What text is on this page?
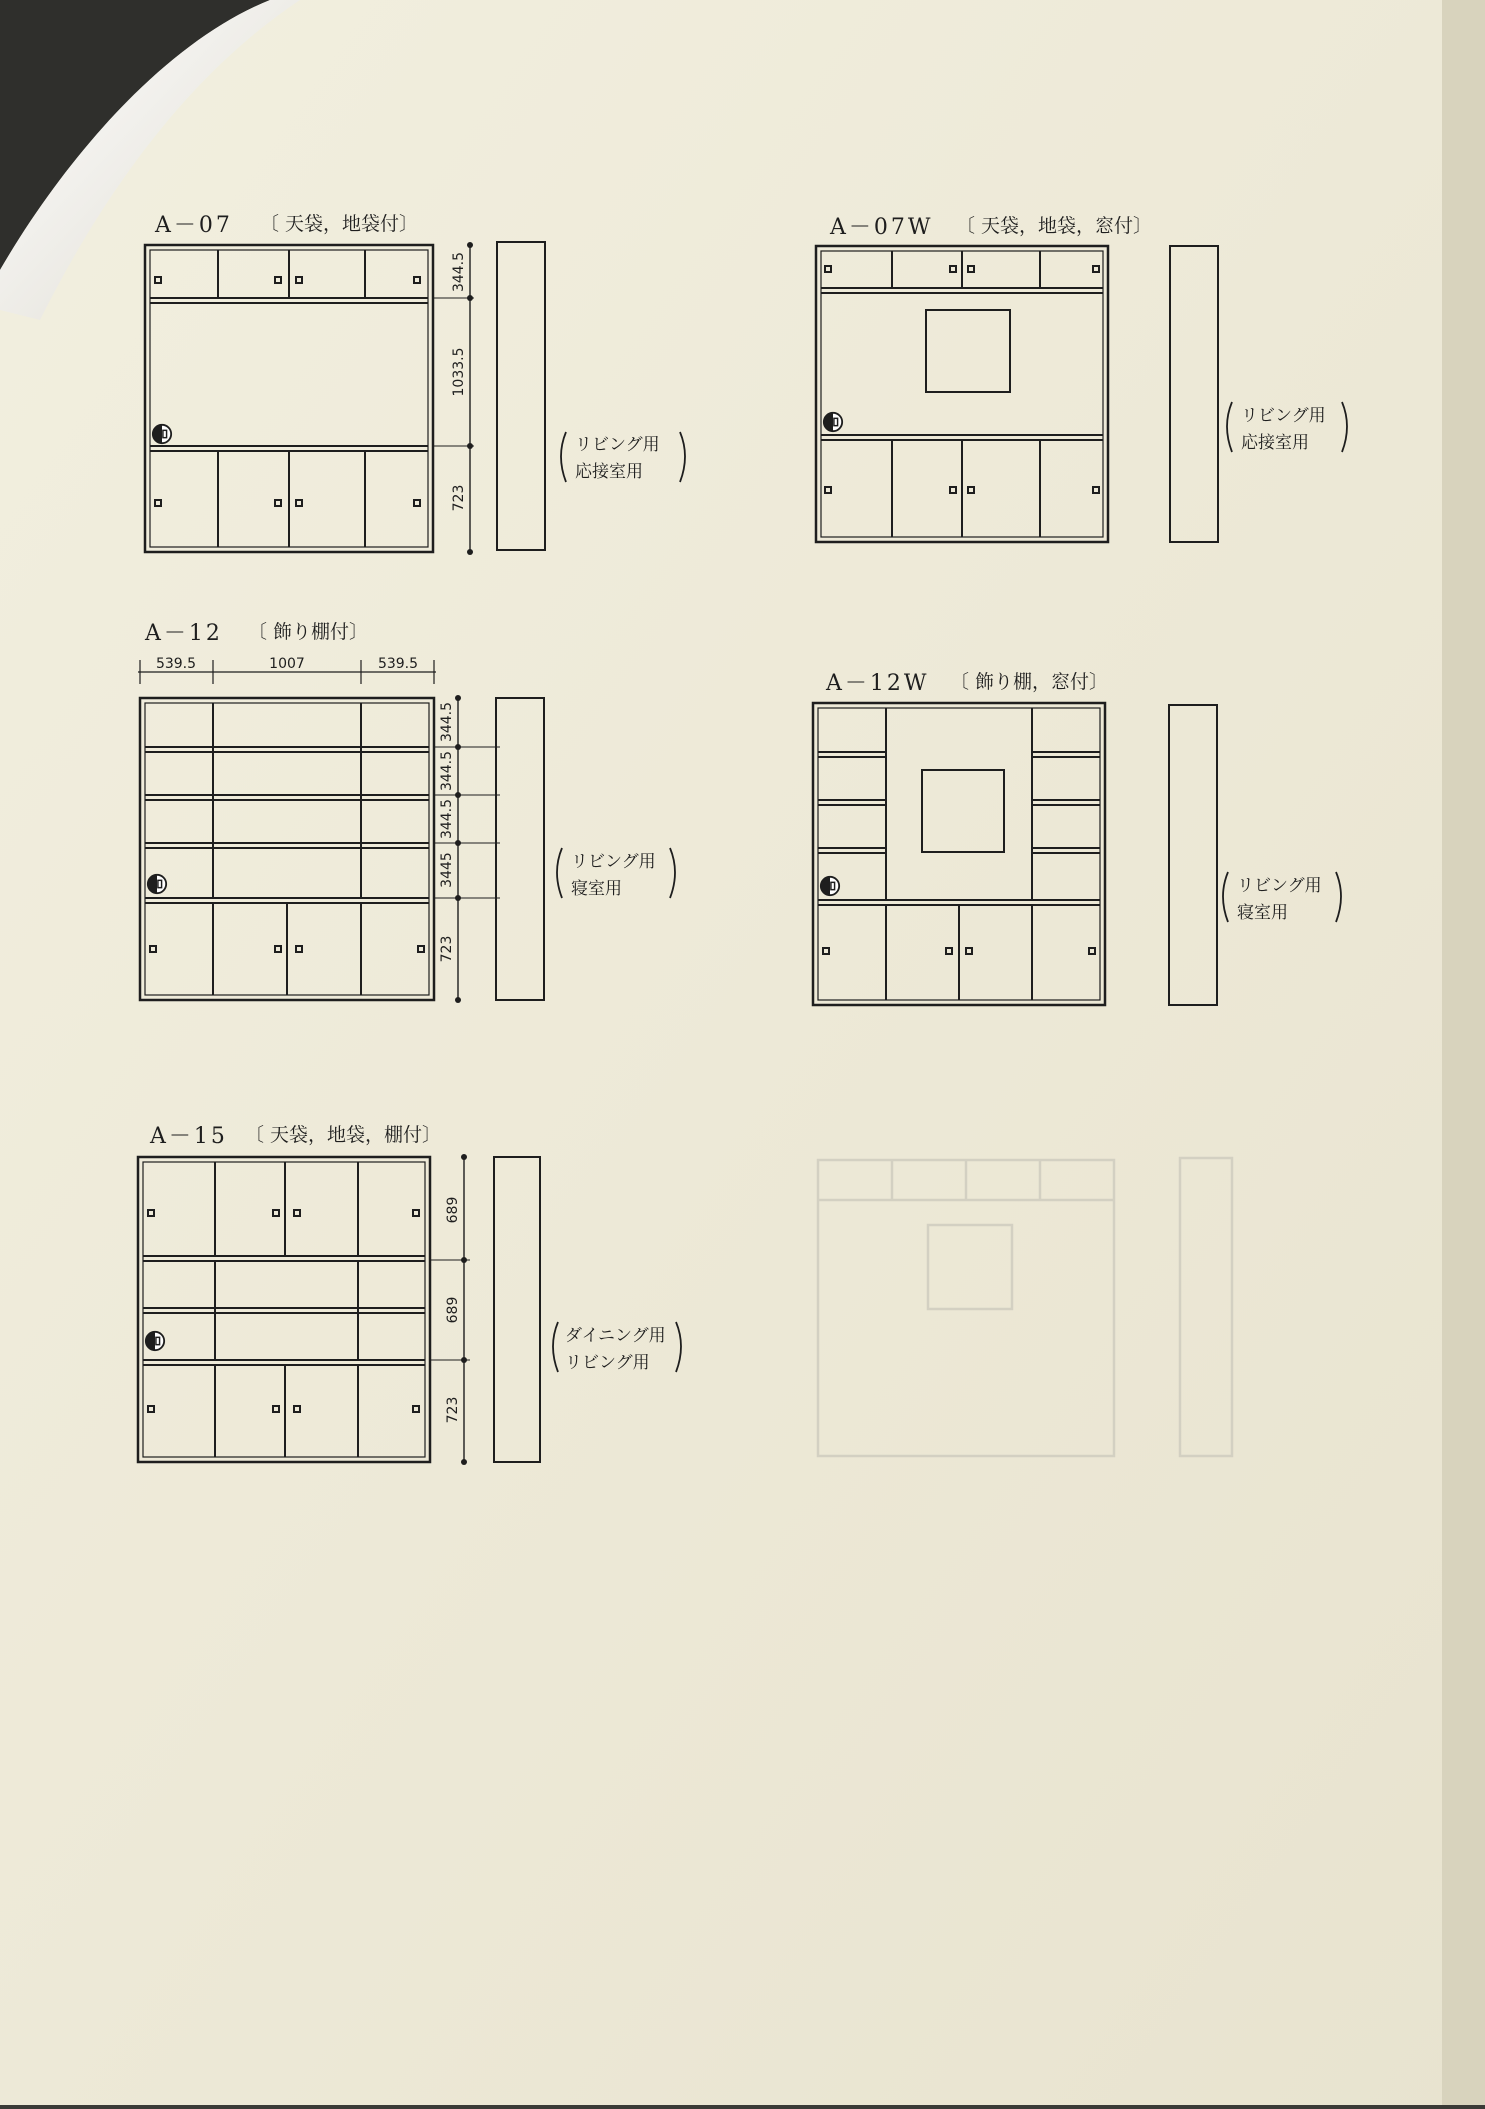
A－07 〔 天袋，地袋付〕
344.5
1033.5
723
リビング用
応接室用
A－07W 〔 天袋，地袋，窓付〕
リビング用
応接室用
A－12 〔 飾り棚付〕
539.5	1007	539.5
344.5
344.5
344.5
3445
723
リビング用
寝室用
A－12W 〔 飾り棚，窓付〕
リビング用
寝室用
A－15 〔 天袋，地袋，棚付〕
689
689
723
ダイニング用
リビング用
